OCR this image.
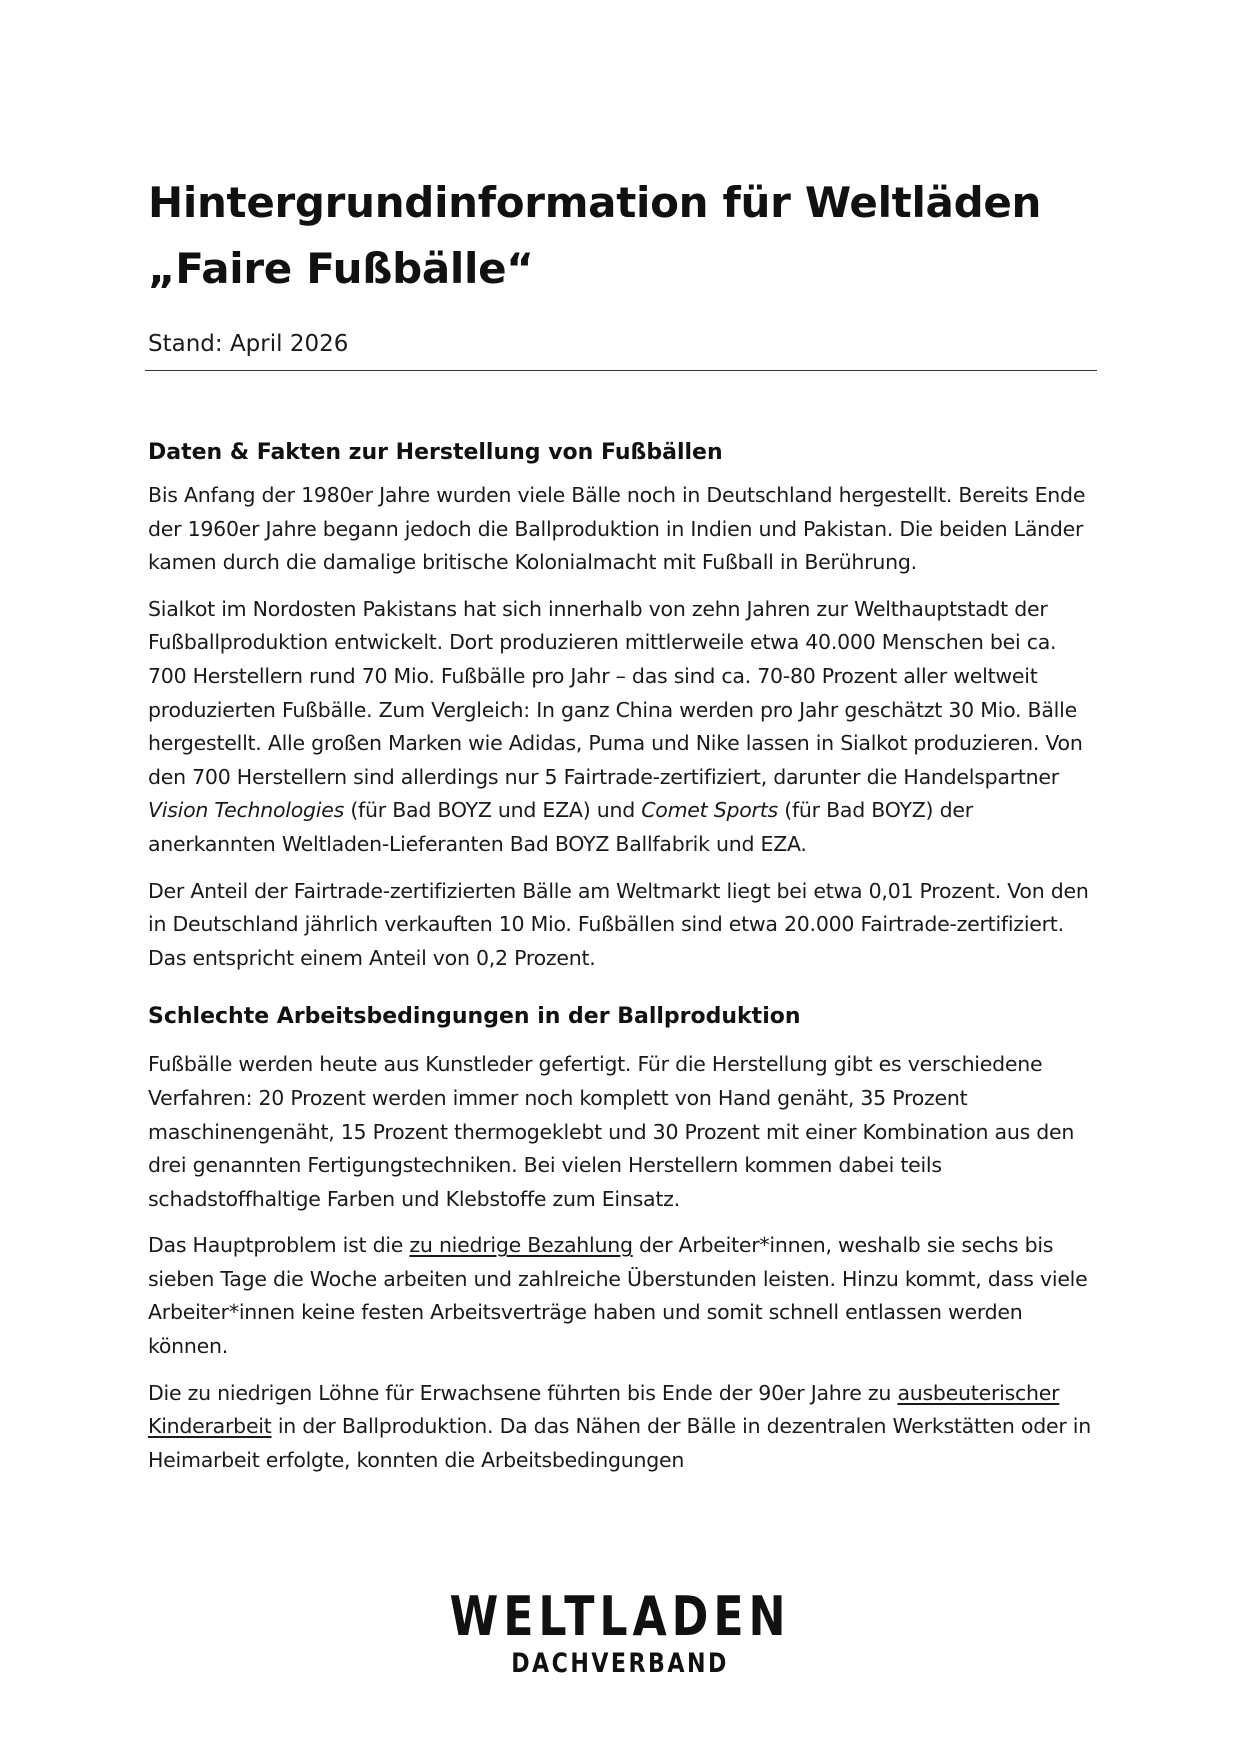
Hintergrundinformation für Weltläden
„Faire Fußbälle“
Stand: April 2026
Daten & Fakten zur Herstellung von Fußbällen

Bis Anfang der 1980er Jahre wurden viele Bälle noch in Deutschland hergestellt. Bereits Ende der 1960er Jahre begann jedoch die Ballproduktion in Indien und Pakistan. Die beiden Länder kamen durch die damalige britische Kolonialmacht mit Fußball in Berührung.

Sialkot im Nordosten Pakistans hat sich innerhalb von zehn Jahren zur Welthauptstadt der Fußballproduktion entwickelt. Dort produzieren mittlerweile etwa 40.000 Menschen bei ca. 700 Herstellern rund 70 Mio. Fußbälle pro Jahr – das sind ca. 70-80 Prozent aller weltweit produzierten Fußbälle. Zum Vergleich: In ganz China werden pro Jahr geschätzt 30 Mio. Bälle hergestellt. Alle großen Marken wie Adidas, Puma und Nike lassen in Sialkot produzieren. Von den 700 Herstellern sind allerdings nur 5 Fairtrade-zertifiziert, darunter die Handelspartner Vision Technologies (für Bad BOYZ und EZA) und Comet Sports (für Bad BOYZ) der anerkannten Weltladen-Lieferanten Bad BOYZ Ballfabrik und EZA.

Der Anteil der Fairtrade-zertifizierten Bälle am Weltmarkt liegt bei etwa 0,01 Prozent. Von den in Deutschland jährlich verkauften 10 Mio. Fußbällen sind etwa 20.000 Fairtrade-zertifiziert. Das entspricht einem Anteil von 0,2 Prozent.

Schlechte Arbeitsbedingungen in der Ballproduktion

Fußbälle werden heute aus Kunstleder gefertigt. Für die Herstellung gibt es verschiedene Verfahren: 20 Prozent werden immer noch komplett von Hand genäht, 35 Prozent maschinengenäht, 15 Prozent thermogeklebt und 30 Prozent mit einer Kombination aus den drei genannten Fertigungstechniken. Bei vielen Herstellern kommen dabei teils schadstoffhaltige Farben und Klebstoffe zum Einsatz.

Das Hauptproblem ist die zu niedrige Bezahlung der Arbeiter*innen, weshalb sie sechs bis sieben Tage die Woche arbeiten und zahlreiche Überstunden leisten. Hinzu kommt, dass viele Arbeiter*innen keine festen Arbeitsverträge haben und somit schnell entlassen werden können.

Die zu niedrigen Löhne für Erwachsene führten bis Ende der 90er Jahre zu ausbeuterischer Kinderarbeit in der Ballproduktion. Da das Nähen der Bälle in dezentralen Werkstätten oder in Heimarbeit erfolgte, konnten die Arbeitsbedingungen

WELTLADEN
DACHVERBAND
